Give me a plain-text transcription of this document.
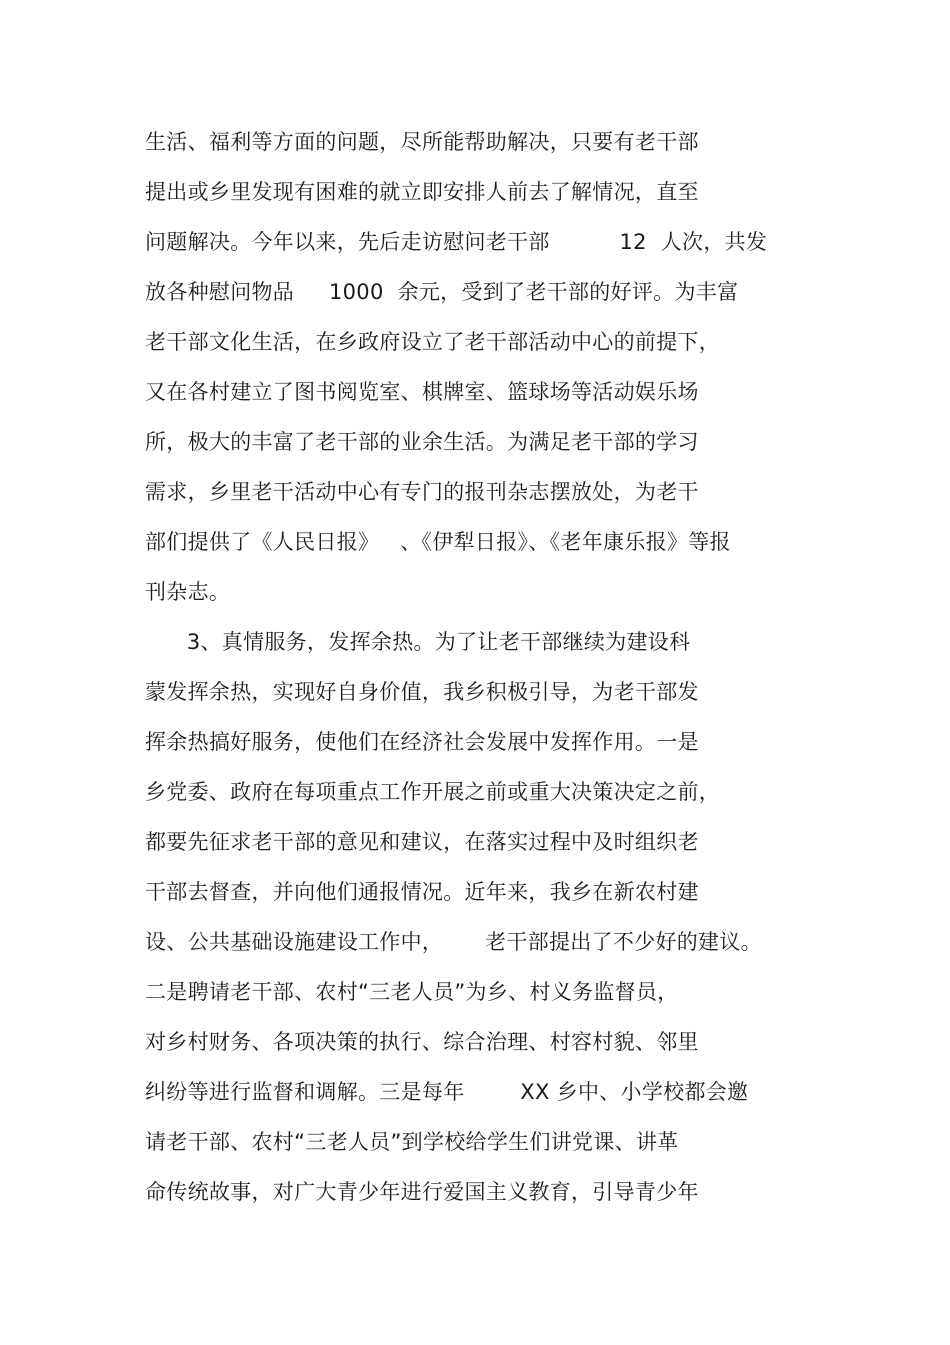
生活、福利等方面的问题，尽所能帮助解决，只要有老干部
提出或乡里发现有困难的就立即安排人前去了解情况，直至
问题解决。今年以来，先后走访慰问老干部          12  人次，共发
放各种慰问物品     1000  余元，受到了老干部的好评。为丰富
老干部文化生活，在乡政府设立了老干部活动中心的前提下，
又在各村建立了图书阅览室、棋牌室、篮球场等活动娱乐场
所，极大的丰富了老干部的业余生活。为满足老干部的学习
需求，乡里老干活动中心有专门的报刊杂志摆放处，为老干
部们提供了《人民日报》   、《伊犁日报》、《老年康乐报》等报
刊杂志。
3、真情服务，发挥余热。为了让老干部继续为建设科
蒙发挥余热，实现好自身价值，我乡积极引导，为老干部发
挥余热搞好服务，使他们在经济社会发展中发挥作用。一是
乡党委、政府在每项重点工作开展之前或重大决策决定之前，
都要先征求老干部的意见和建议，在落实过程中及时组织老
干部去督查，并向他们通报情况。近年来，我乡在新农村建
设、公共基础设施建设工作中，      老干部提出了不少好的建议。
二是聘请老干部、农村“三老人员”为乡、村义务监督员，
对乡村财务、各项决策的执行、综合治理、村容村貌、邻里
纠纷等进行监督和调解。三是每年        XX 乡中、小学校都会邀
请老干部、农村“三老人员”到学校给学生们讲党课、讲革
命传统故事，对广大青少年进行爱国主义教育，引导青少年
